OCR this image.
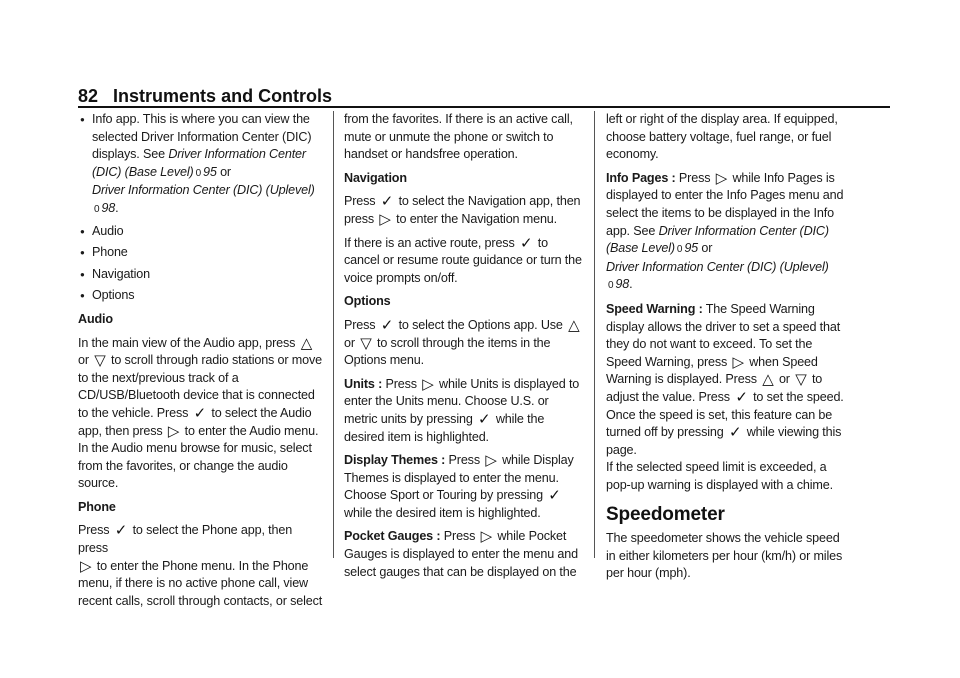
82 Instruments and Controls
● Info app. This is where you can view the selected Driver Information Center (DIC) displays. See Driver Information Center (DIC) (Base Level) 0 95 or
Driver Information Center (DIC) (Uplevel)
0 98.
● Audio
● Phone
● Navigation
● Options

Audio

In the main view of the Audio app, press △ or ▽ to scroll through radio stations or move to the next/previous track of a CD/USB/Bluetooth device that is connected to the vehicle. Press ✓ to select the Audio app, then press ▷ to enter the Audio menu. In the Audio menu browse for music, select from the favorites, or change the audio source.

Phone

Press ✓ to select the Phone app, then press
▷ to enter the Phone menu. In the Phone menu, if there is no active phone call, view recent calls, scroll through contacts, or select

from the favorites. If there is an active call, mute or unmute the phone or switch to handset or handsfree operation.

Navigation

Press ✓ to select the Navigation app, then press ▷ to enter the Navigation menu.

If there is an active route, press ✓ to cancel or resume route guidance or turn the voice prompts on/off.

Options

Press ✓ to select the Options app. Use △ or ▽ to scroll through the items in the Options menu.

Units : Press ▷ while Units is displayed to enter the Units menu. Choose U.S. or metric units by pressing ✓ while the desired item is highlighted.

Display Themes : Press ▷ while Display Themes is displayed to enter the menu. Choose Sport or Touring by pressing ✓ while the desired item is highlighted.

Pocket Gauges : Press ▷ while Pocket Gauges is displayed to enter the menu and select gauges that can be displayed on the

left or right of the display area. If equipped, choose battery voltage, fuel range, or fuel economy.

Info Pages : Press ▷ while Info Pages is displayed to enter the Info Pages menu and select the items to be displayed in the Info app. See Driver Information Center (DIC) (Base Level) 0 95 or
Driver Information Center (DIC) (Uplevel)
0 98.

Speed Warning : The Speed Warning display allows the driver to set a speed that they do not want to exceed. To set the Speed Warning, press ▷ when Speed Warning is displayed. Press △ or ▽ to adjust the value. Press ✓ to set the speed. Once the speed is set, this feature can be turned off by pressing ✓ while viewing this page.
If the selected speed limit is exceeded, a pop-up warning is displayed with a chime.

Speedometer

The speedometer shows the vehicle speed in either kilometers per hour (km/h) or miles per hour (mph).
